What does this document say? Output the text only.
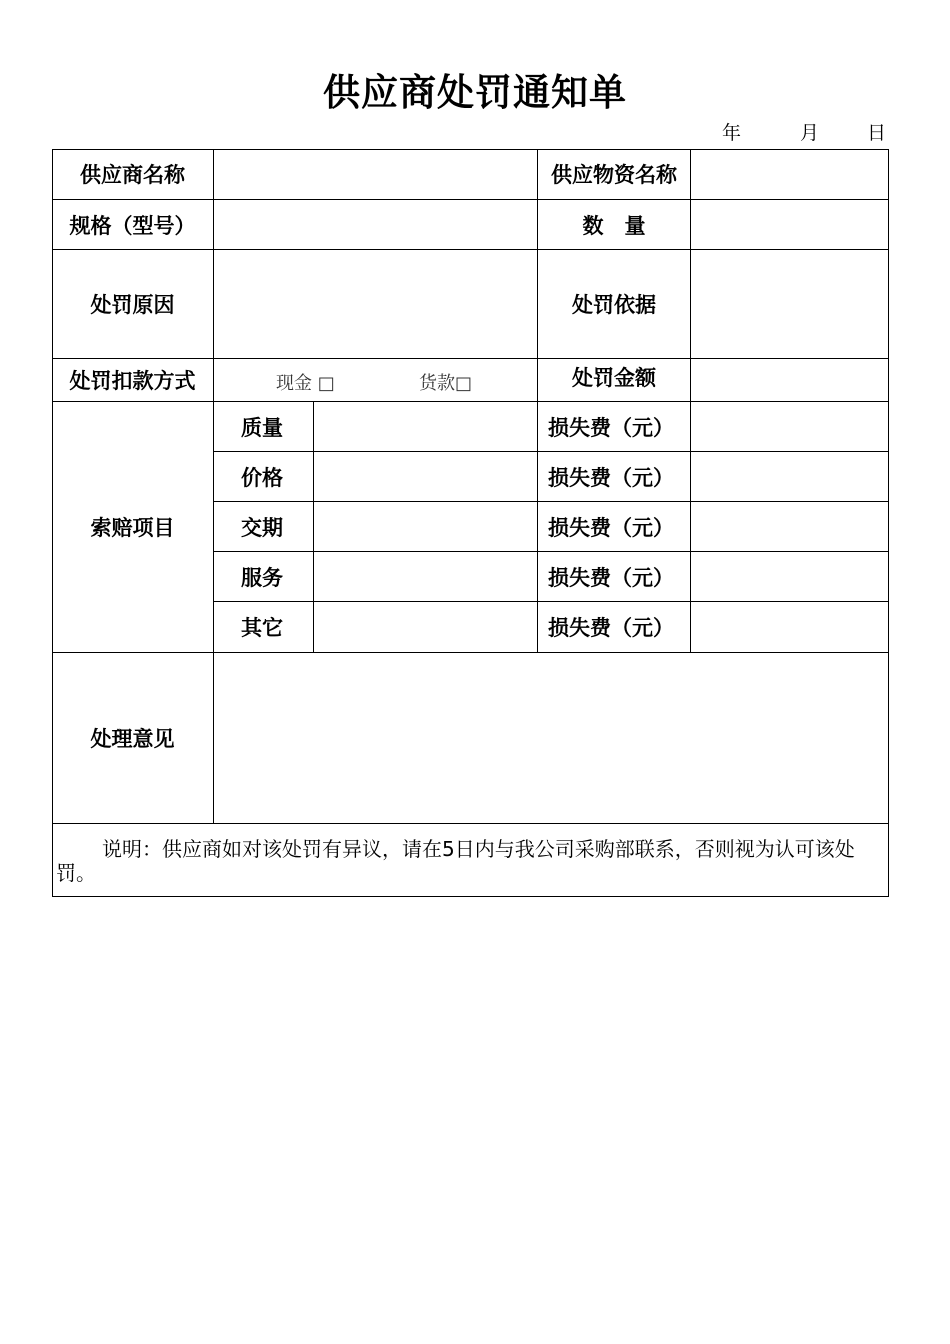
供应商处罚通知单
年	月	日
供应商名称	供应物资名称
规格（型号）	数　量
处罚原因	处罚依据
处罚扣款方式	现金 □	货款□	处罚金额
索赔项目
质量	损失费（元）
价格	损失费（元）
交期	损失费（元）
服务	损失费（元）
其它	损失费（元）
处理意见
说明：供应商如对该处罚有异议，请在5日内与我公司采购部联系，否则视为认可该处罚。
